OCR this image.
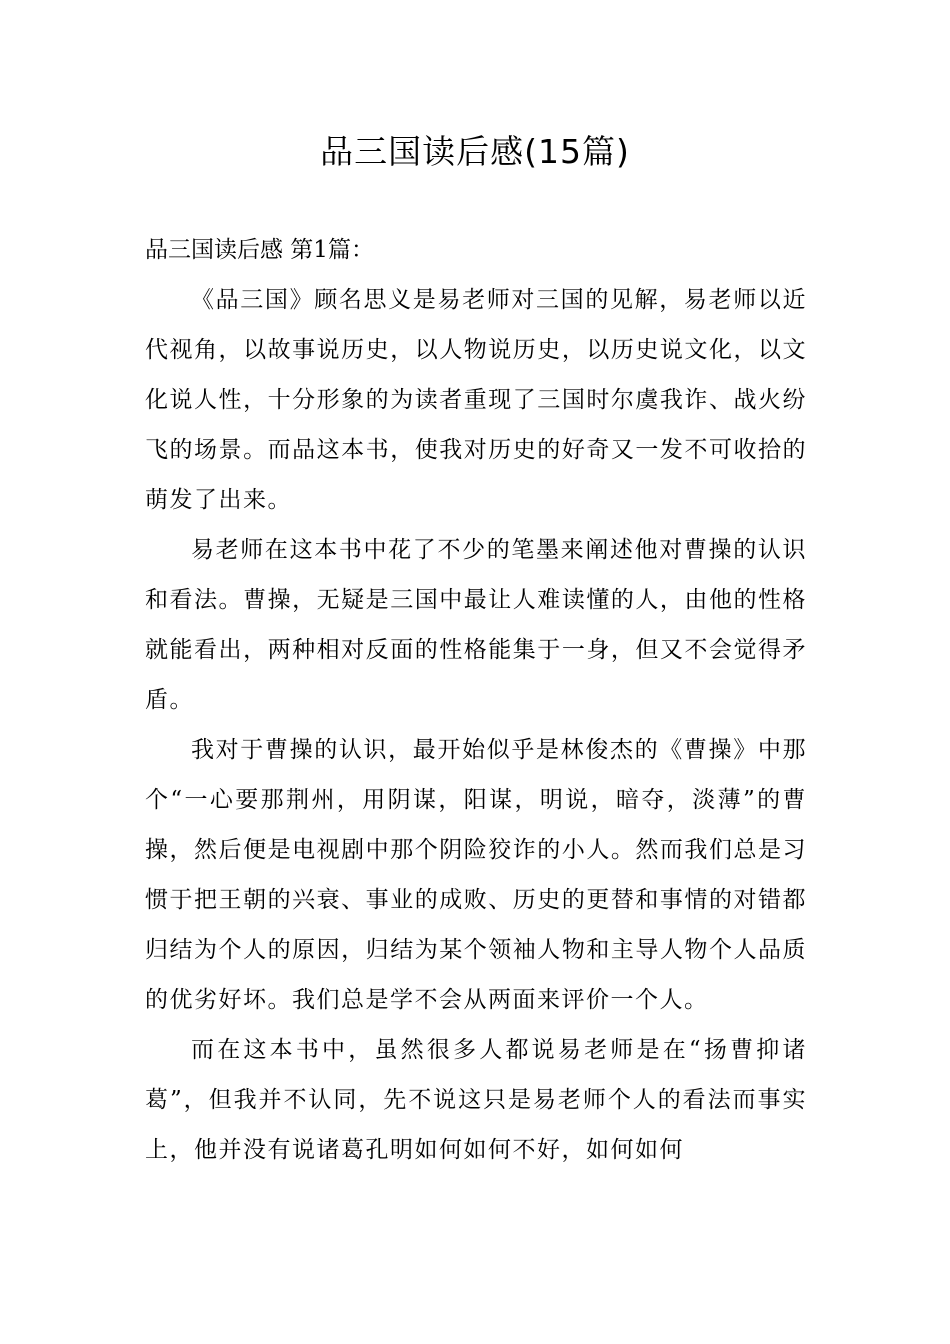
品三国读后感(15篇)
品三国读后感 第1篇：

《品三国》顾名思义是易老师对三国的见解，易老师以近代视角，以故事说历史，以人物说历史，以历史说文化，以文化说人性，十分形象的为读者重现了三国时尔虞我诈、战火纷飞的场景。而品这本书，使我对历史的好奇又一发不可收拾的萌发了出来。

易老师在这本书中花了不少的笔墨来阐述他对曹操的认识和看法。曹操，无疑是三国中最让人难读懂的人，由他的性格就能看出，两种相对反面的性格能集于一身，但又不会觉得矛盾。

我对于曹操的认识，最开始似乎是林俊杰的《曹操》中那个“一心要那荆州，用阴谋，阳谋，明说，暗夺，淡薄”的曹操，然后便是电视剧中那个阴险狡诈的小人。然而我们总是习惯于把王朝的兴衰、事业的成败、历史的更替和事情的对错都归结为个人的原因，归结为某个领袖人物和主导人物个人品质的优劣好坏。我们总是学不会从两面来评价一个人。

而在这本书中，虽然很多人都说易老师是在“扬曹抑诸葛”，但我并不认同，先不说这只是易老师个人的看法而事实上，他并没有说诸葛孔明如何如何不好，如何如何
